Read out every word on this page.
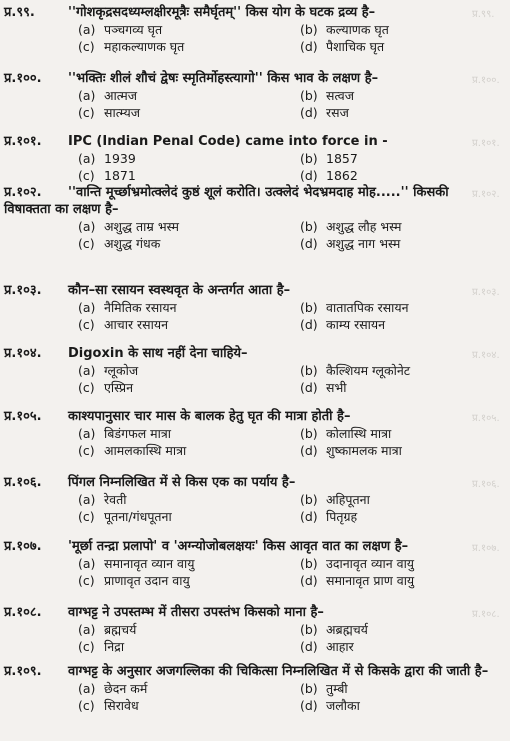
प्र.९९.
प्र.१००.
प्र.१०१.
प्र.१०२.
प्र.१०३.
प्र.१०४.
प्र.१०५.
प्र.१०६.
प्र.१०७.
प्र.१०८.
प्र.९९.	''गोशकृद्रसदध्यम्लक्षीरमूत्रैः समैर्घृतम्'' किस योग के घटक द्रव्य है–
(a) पञ्चगव्य घृत	(b) कल्याणक घृत
(c) महाकल्याणक घृत	(d) पैशाचिक घृत
प्र.१००.	''भक्तिः शीलं शौचं द्वेषः स्मृतिर्मोहस्त्यागो'' किस भाव के लक्षण है–
(a) आत्मज	(b) सत्वज
(c) सात्म्यज	(d) रसज
प्र.१०१.	IPC (Indian Penal Code) came into force in -
(a) 1939	(b) 1857
(c) 1871	(d) 1862
प्र.१०२.	''वान्ति मूर्च्छाभ्रमोत्क्लेदं कुष्ठं शूलं करोति। उत्क्लेदं भेदभ्रमदाह मोह.....'' किसकी
विषाक्तता का लक्षण है–
(a) अशुद्ध ताम्र भस्म	(b) अशुद्ध लौह भस्म
(c) अशुद्ध गंधक	(d) अशुद्ध नाग भस्म
प्र.१०३.	कौन–सा रसायन स्वस्थवृत के अन्तर्गत आता है–
(a) नैमितिक रसायन	(b) वातातपिक रसायन
(c) आचार रसायन	(d) काम्य रसायन
प्र.१०४.	Digoxin के साथ नहीं देना चाहिये–
(a) ग्लूकोज	(b) कैल्शियम ग्लूकोनेट
(c) एस्प्रिन	(d) सभी
प्र.१०५.	काश्यपानुसार चार मास के बालक हेतु घृत की मात्रा होती है–
(a) बिडंगफल मात्रा	(b) कोलास्थि मात्रा
(c) आमलकास्थि मात्रा	(d) शुष्कामलक मात्रा
प्र.१०६.	पिंगल निम्नलिखित में से किस एक का पर्याय है–
(a) रेवती	(b) अहिपूतना
(c) पूतना/गंधपूतना	(d) पितृग्रह
प्र.१०७.	'मूर्छा तन्द्रा प्रलापो' व 'अग्न्योजोबलक्षयः' किस आवृत वात का लक्षण है–
(a) समानावृत व्यान वायु	(b) उदानावृत व्यान वायु
(c) प्राणावृत उदान वायु	(d) समानावृत प्राण वायु
प्र.१०८.	वाग्भट्ट ने उपस्तम्भ में तीसरा उपस्तंभ किसको माना है–
(a) ब्रह्मचर्य	(b) अब्रह्मचर्य
(c) निद्रा	(d) आहार
प्र.१०९.	वाग्भट्ट के अनुसार अजगल्लिका की चिकित्सा निम्नलिखित में से किसके द्वारा की जाती है–
(a) छेदन कर्म	(b) तुम्बी
(c) सिरावेध	(d) जलौका
